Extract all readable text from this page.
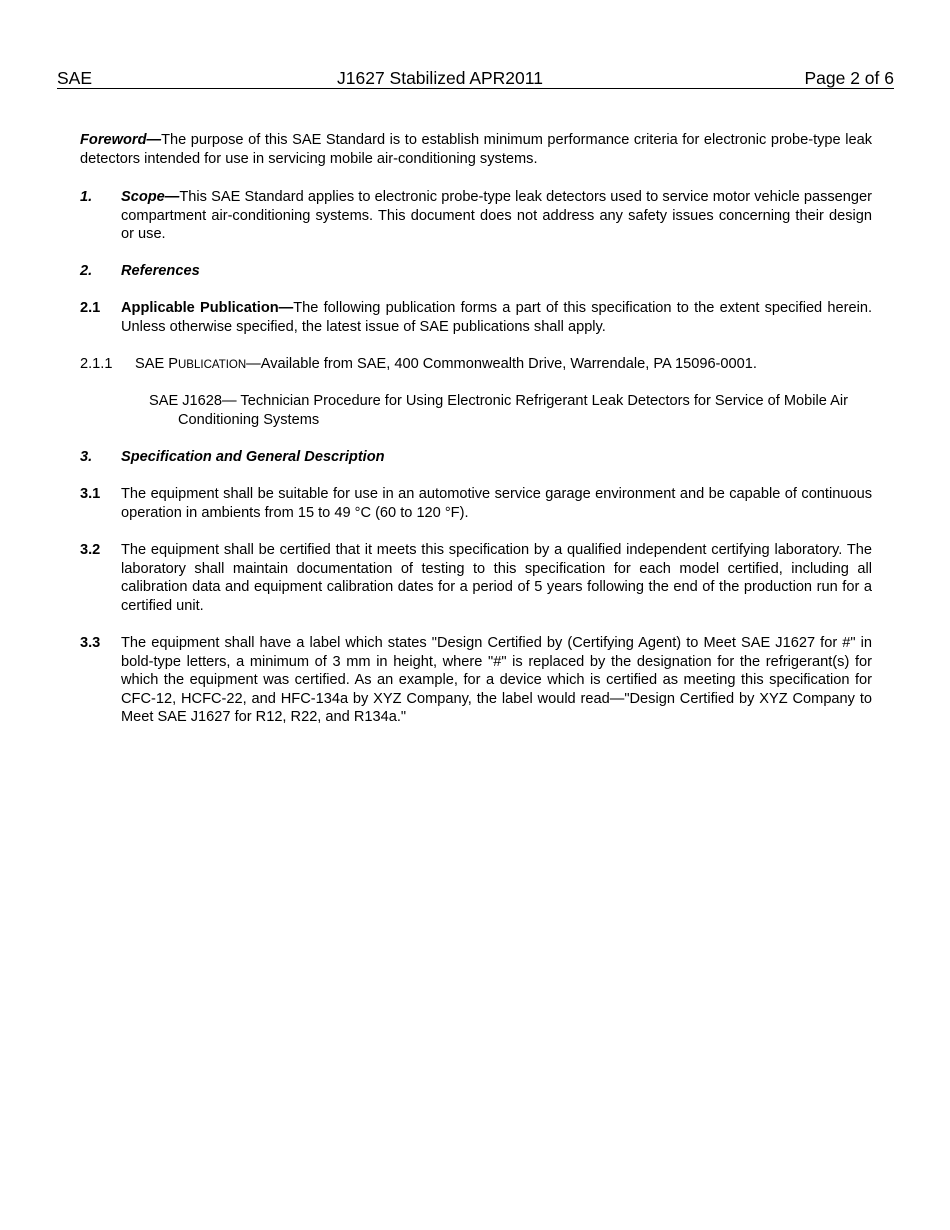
SAE	J1627 Stabilized APR2011	Page 2 of 6

Foreword—The purpose of this SAE Standard is to establish minimum performance criteria for electronic probe-type leak detectors intended for use in servicing mobile air-conditioning systems.

1. Scope—This SAE Standard applies to electronic probe-type leak detectors used to service motor vehicle passenger compartment air-conditioning systems. This document does not address any safety issues concerning their design or use.
2. References
2.1 Applicable Publication—The following publication forms a part of this specification to the extent specified herein. Unless otherwise specified, the latest issue of SAE publications shall apply.
2.1.1 SAE PUBLICATION—Available from SAE, 400 Commonwealth Drive, Warrendale, PA 15096-0001.
SAE J1628— Technician Procedure for Using Electronic Refrigerant Leak Detectors for Service of Mobile Air Conditioning Systems
3. Specification and General Description
3.1 The equipment shall be suitable for use in an automotive service garage environment and be capable of continuous operation in ambients from 15 to 49 °C (60 to 120 °F).
3.2 The equipment shall be certified that it meets this specification by a qualified independent certifying laboratory. The laboratory shall maintain documentation of testing to this specification for each model certified, including all calibration data and equipment calibration dates for a period of 5 years following the end of the production run for a certified unit.
3.3 The equipment shall have a label which states "Design Certified by (Certifying Agent) to Meet SAE J1627 for #" in bold-type letters, a minimum of 3 mm in height, where "#" is replaced by the designation for the refrigerant(s) for which the equipment was certified. As an example, for a device which is certified as meeting this specification for CFC-12, HCFC-22, and HFC-134a by XYZ Company, the label would read—"Design Certified by XYZ Company to Meet SAE J1627 for R12, R22, and R134a."
